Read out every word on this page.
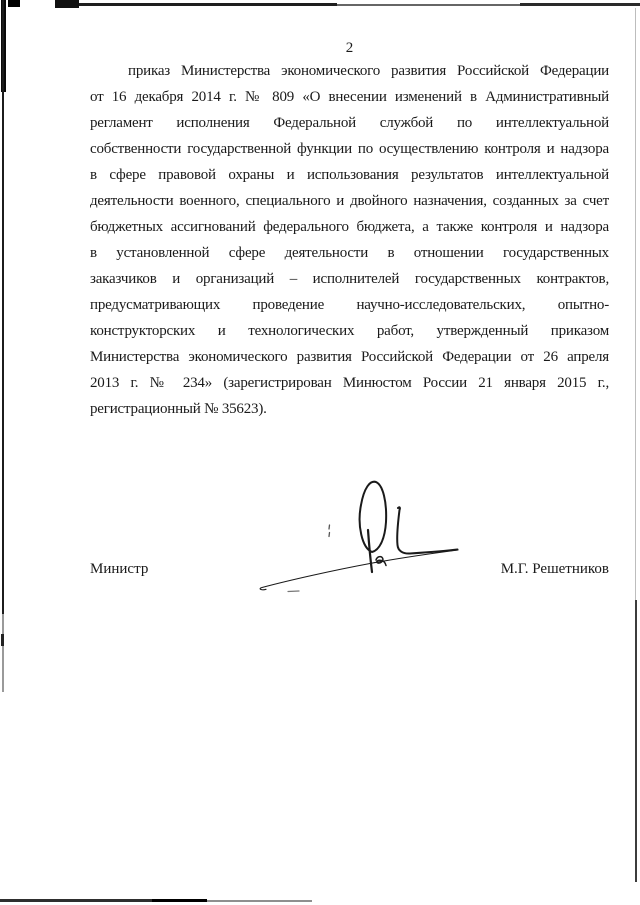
2
приказ Министерства экономического развития Российской Федерации
от 16 декабря 2014 г. № 809 «О внесении изменений в Административный
регламент исполнения Федеральной службой по интеллектуальной
собственности государственной функции по осуществлению контроля и надзора
в сфере правовой охраны и использования результатов интеллектуальной
деятельности военного, специального и двойного назначения, созданных за счет
бюджетных ассигнований федерального бюджета, а также контроля и надзора
в установленной сфере деятельности в отношении государственных
заказчиков и организаций – исполнителей государственных контрактов,
предусматривающих проведение научно-исследовательских, опытно-
конструкторских и технологических работ, утвержденный приказом
Министерства экономического развития Российской Федерации от 26 апреля
2013 г. № 234» (зарегистрирован Минюстом России 21 января 2015 г.,
регистрационный № 35623).
Министр	М.Г. Решетников
